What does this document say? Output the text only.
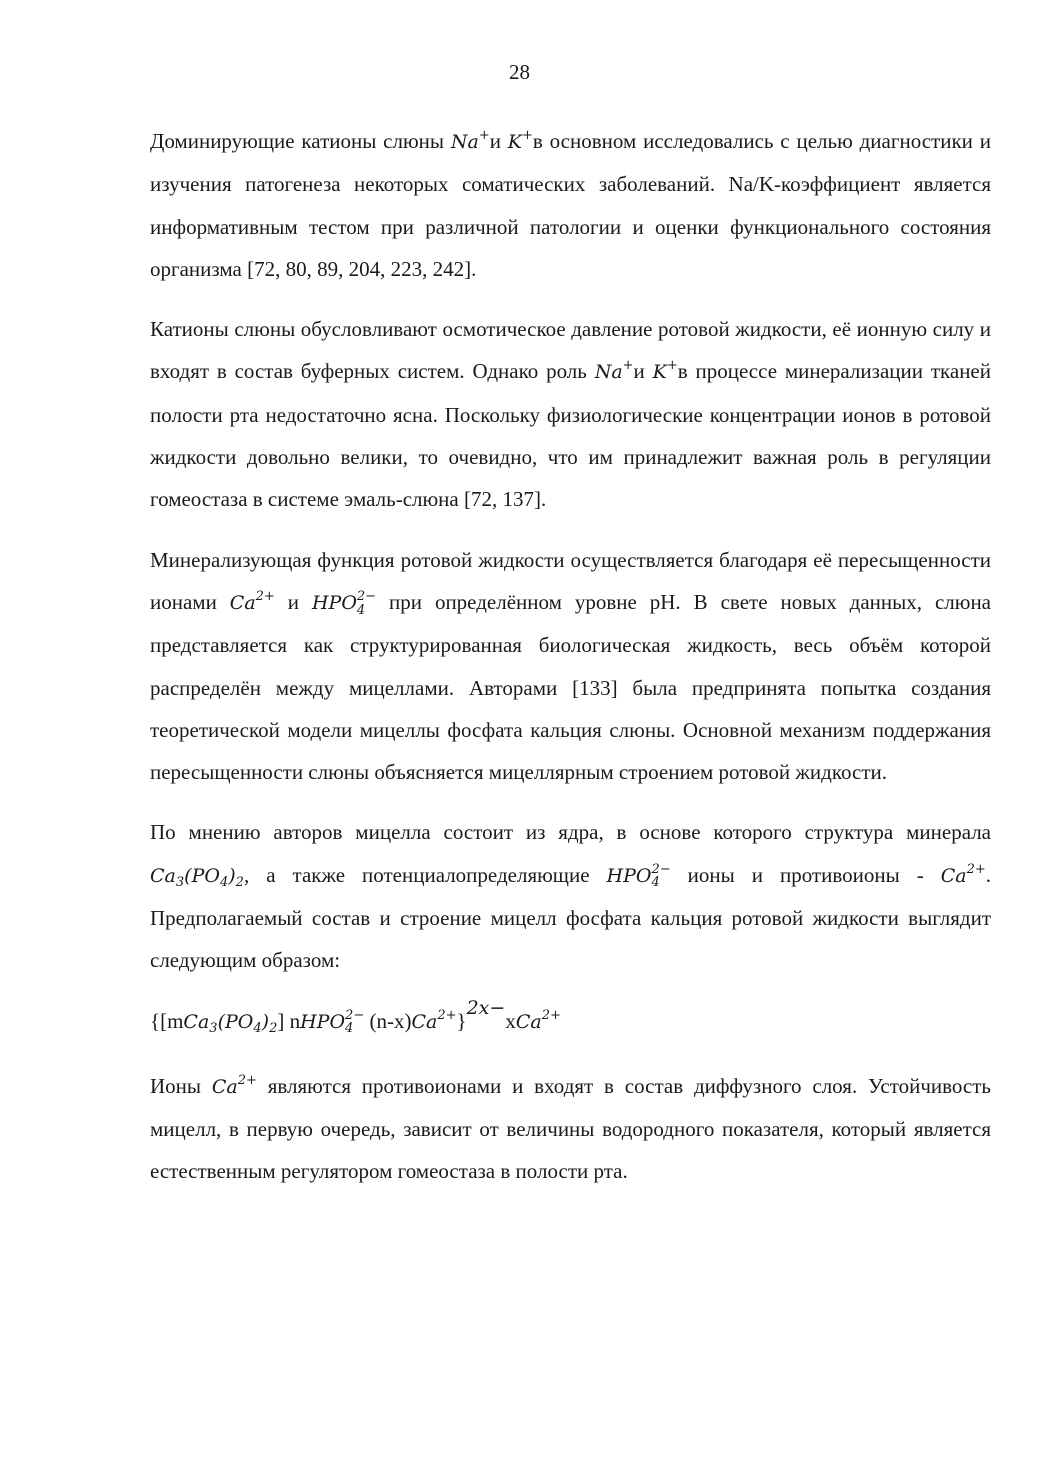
28

Доминирующие катионы слюны Na+и K+в основном исследовались с целью диагностики и изучения патогенеза некоторых соматических заболеваний. Na/K-коэффициент является информативным тестом при различной патологии и оценки функционального состояния организма [72, 80, 89, 204, 223, 242].

Катионы слюны обусловливают осмотическое давление ротовой жидкости, её ионную силу и входят в состав буферных систем. Однако роль Na+и K+в процессе минерализации тканей полости рта недостаточно ясна. Поскольку физиологические концентрации ионов в ротовой жидкости довольно велики, то очевидно, что им принадлежит важная роль в регуляции гомеостаза в системе эмаль-слюна [72, 137].

Минерализующая функция ротовой жидкости осуществляется благодаря её пересыщенности ионами $Ca^{2+}$ и HPO 2−
4 при определённом уровне pH. В свете новых данных, слюна представляется как структурированная биологическая жидкость, весь объём которой распределён между мицеллами. Авторами [133] была предпринята попытка создания теоретической модели мицеллы фосфата кальция слюны. Основной механизм поддержания пересыщенности слюны объясняется мицеллярным строением ротовой жидкости.

По мнению авторов мицелла состоит из ядра, в основе которого структура минерала $Ca_3(PO_4)_2$, а также потенциалопределяющие HPO 2−
4 ионы и противоионы - $Ca^{2+}$. Предполагаемый состав и строение мицелл фосфата кальция ротовой жидкости выглядит следующим образом:

{$[mCa_3(PO_4)_2]$ nHPO 2−
4 $(n-x)Ca^{2+}\}^{2x-}xCa^{2+}$

Ионы $Ca^{2+}$ являются противоионами и входят в состав диффузного слоя. Устойчивость мицелл, в первую очередь, зависит от величины водородного показателя, который является естественным регулятором гомеостаза в полости рта.
